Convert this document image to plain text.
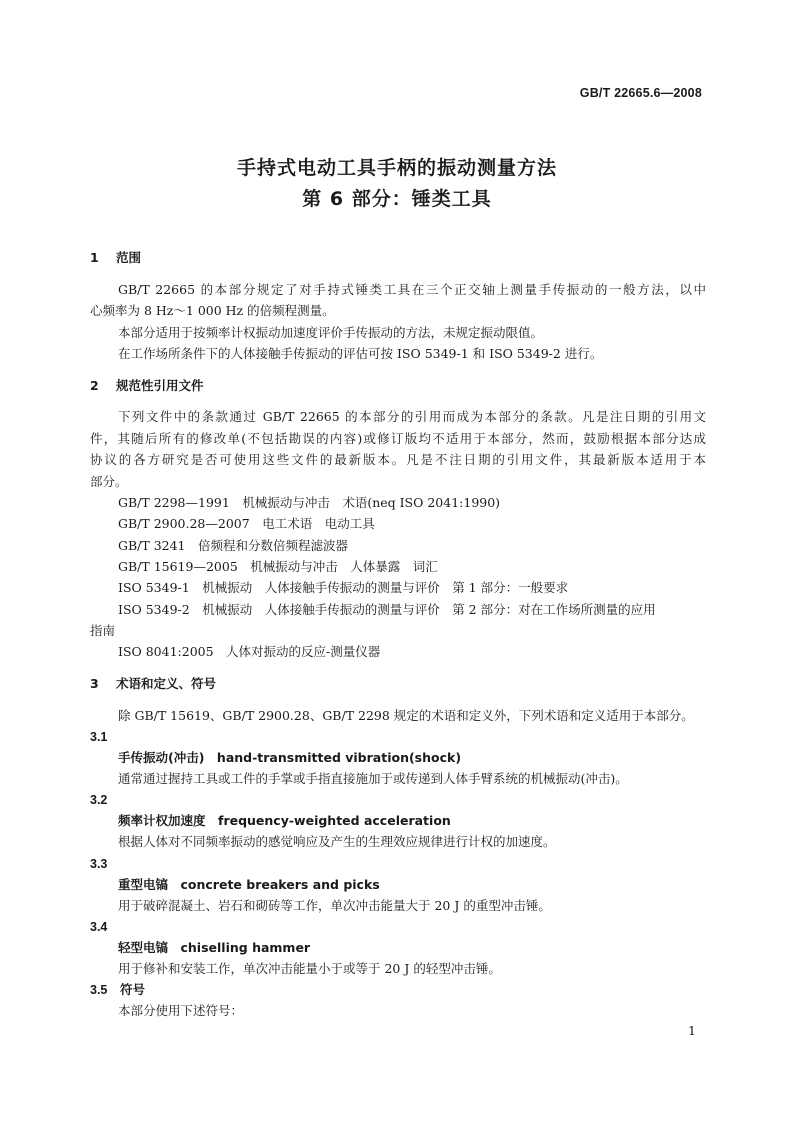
GB/T 22665.6—2008
手持式电动工具手柄的振动测量方法
第 6 部分：锤类工具
1 范围
GB/T 22665 的本部分规定了对手持式锤类工具在三个正交轴上测量手传振动的一般方法，以中
心频率为 8 Hz～1 000 Hz 的倍频程测量。
本部分适用于按频率计权振动加速度评价手传振动的方法，未规定振动限值。
在工作场所条件下的人体接触手传振动的评估可按 ISO 5349-1 和 ISO 5349-2 进行。
2 规范性引用文件
下列文件中的条款通过 GB/T 22665 的本部分的引用而成为本部分的条款。凡是注日期的引用文
件，其随后所有的修改单(不包括勘误的内容)或修订版均不适用于本部分，然而，鼓励根据本部分达成
协议的各方研究是否可使用这些文件的最新版本。凡是不注日期的引用文件，其最新版本适用于本
部分。
GB/T 2298—1991　机械振动与冲击　术语(neq ISO 2041:1990)
GB/T 2900.28—2007　电工术语　电动工具
GB/T 3241　倍频程和分数倍频程滤波器
GB/T 15619—2005　机械振动与冲击　人体暴露　词汇
ISO 5349-1　机械振动　人体接触手传振动的测量与评价　第 1 部分：一般要求
ISO 5349-2　机械振动　人体接触手传振动的测量与评价　第 2 部分：对在工作场所测量的应用
指南
ISO 8041:2005　人体对振动的反应-测量仪器
3 术语和定义、符号
除 GB/T 15619、GB/T 2900.28、GB/T 2298 规定的术语和定义外，下列术语和定义适用于本部分。
3.1
手传振动(冲击)　hand-transmitted vibration(shock)
通常通过握持工具或工件的手掌或手指直接施加于或传递到人体手臂系统的机械振动(冲击)。
3.2
频率计权加速度　frequency-weighted acceleration
根据人体对不同频率振动的感觉响应及产生的生理效应规律进行计权的加速度。
3.3
重型电镐　concrete breakers and picks
用于破碎混凝土、岩石和砌砖等工作，单次冲击能量大于 20 J 的重型冲击锤。
3.4
轻型电镐　chiselling hammer
用于修补和安装工作，单次冲击能量小于或等于 20 J 的轻型冲击锤。
3.5 符号
本部分使用下述符号：
1
